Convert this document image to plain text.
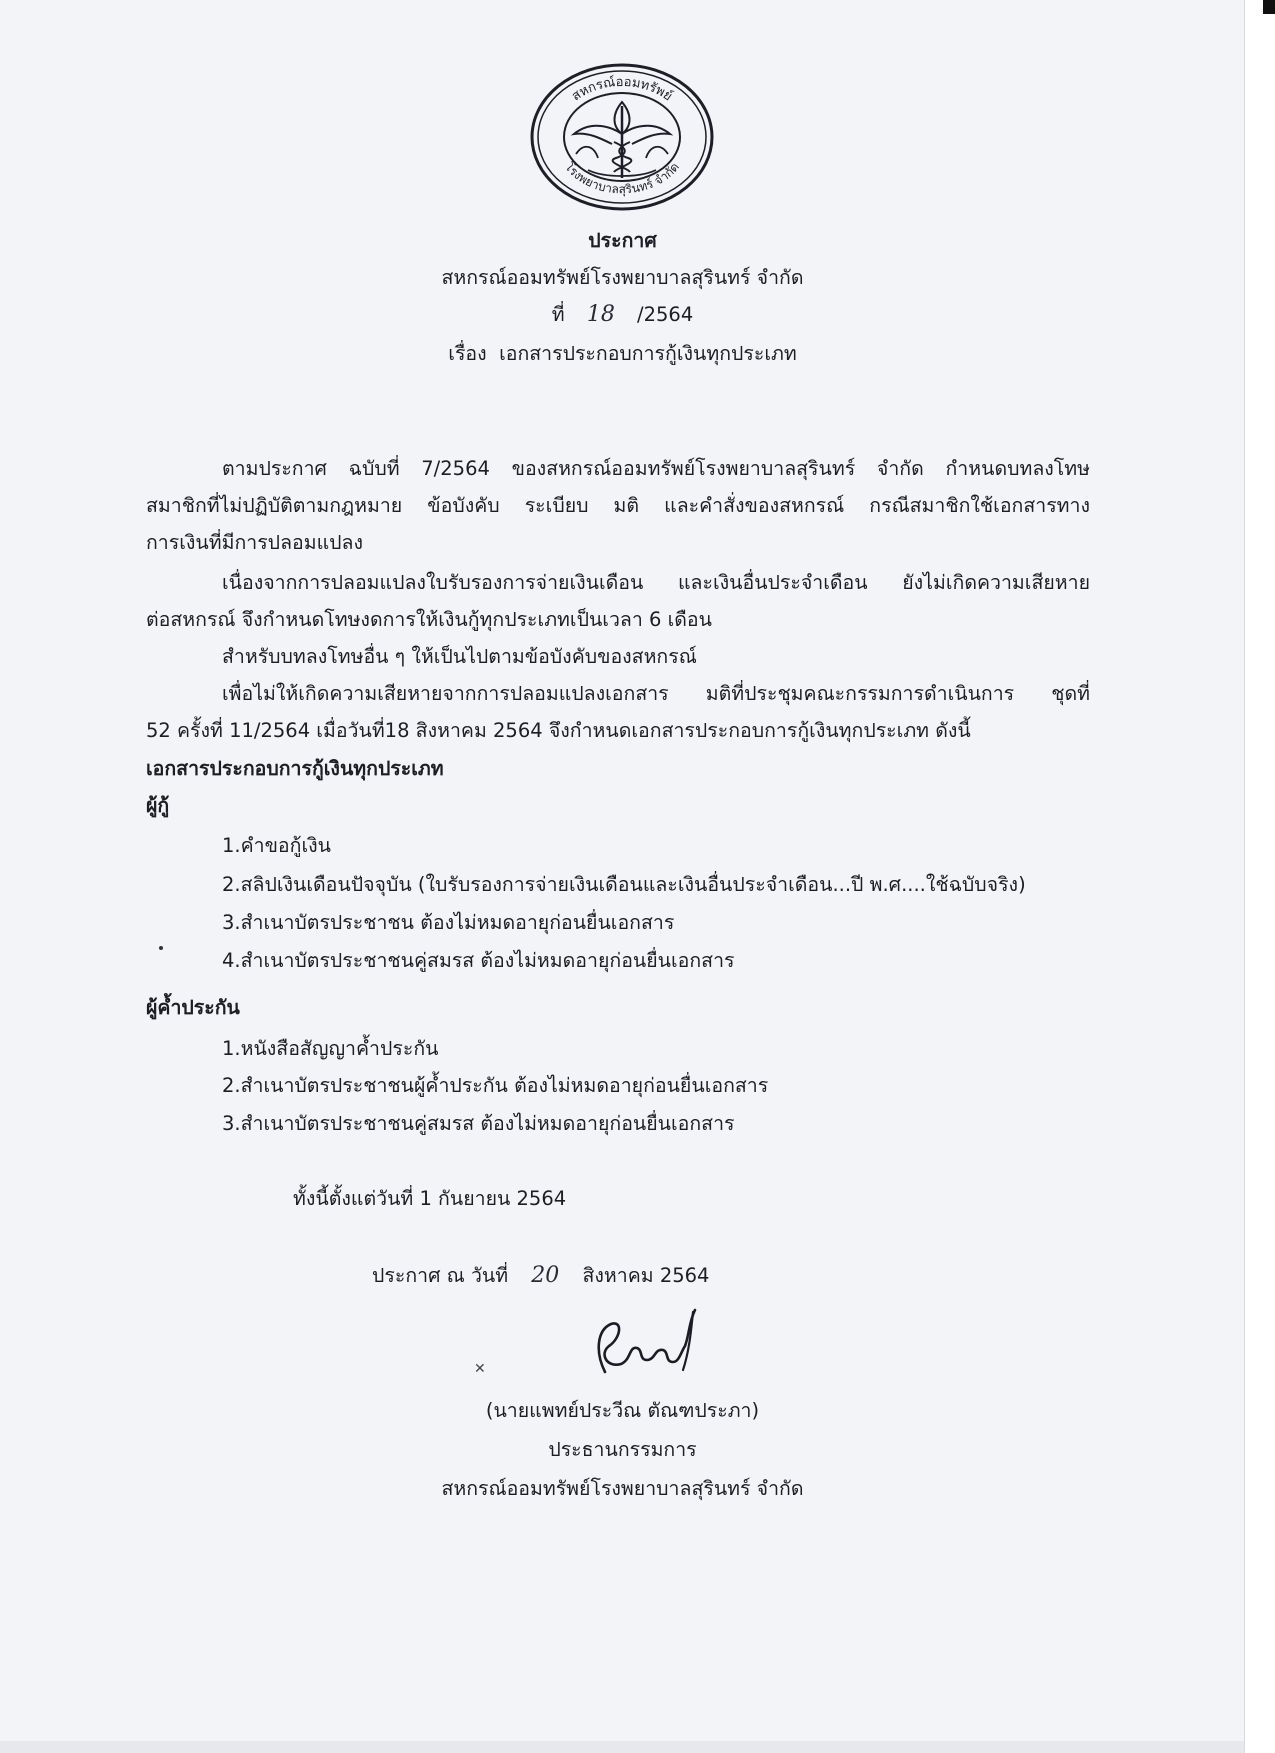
สหกรณ์ออมทรัพย์
โรงพยาบาลสุรินทร์ จำกัด
ประกาศ
สหกรณ์ออมทรัพย์โรงพยาบาลสุรินทร์ จำกัด
ที่ 18 /2564
เรื่อง เอกสารประกอบการกู้เงินทุกประเภท
ตามประกาศ ฉบับที่ 7/2564 ของสหกรณ์ออมทรัพย์โรงพยาบาลสุรินทร์ จำกัด กำหนดบทลงโทษ
สมาชิกที่ไม่ปฏิบัติตามกฎหมาย ข้อบังคับ ระเบียบ มติ และคำสั่งของสหกรณ์ กรณีสมาชิกใช้เอกสารทาง
การเงินที่มีการปลอมแปลง
เนื่องจากการปลอมแปลงใบรับรองการจ่ายเงินเดือน และเงินอื่นประจำเดือน ยังไม่เกิดความเสียหาย
ต่อสหกรณ์ จึงกำหนดโทษงดการให้เงินกู้ทุกประเภทเป็นเวลา 6 เดือน
สำหรับบทลงโทษอื่น ๆ ให้เป็นไปตามข้อบังคับของสหกรณ์
เพื่อไม่ให้เกิดความเสียหายจากการปลอมแปลงเอกสาร มติที่ประชุมคณะกรรมการดำเนินการ ชุดที่
52 ครั้งที่ 11/2564 เมื่อวันที่18 สิงหาคม 2564 จึงกำหนดเอกสารประกอบการกู้เงินทุกประเภท ดังนี้
เอกสารประกอบการกู้เงินทุกประเภท
ผู้กู้
1.คำขอกู้เงิน
2.สลิปเงินเดือนปัจจุบัน (ใบรับรองการจ่ายเงินเดือนและเงินอื่นประจำเดือน...ปี พ.ศ....ใช้ฉบับจริง)
3.สำเนาบัตรประชาชน ต้องไม่หมดอายุก่อนยื่นเอกสาร
4.สำเนาบัตรประชาชนคู่สมรส ต้องไม่หมดอายุก่อนยื่นเอกสาร
ผู้ค้ำประกัน
1.หนังสือสัญญาค้ำประกัน
2.สำเนาบัตรประชาชนผู้ค้ำประกัน ต้องไม่หมดอายุก่อนยื่นเอกสาร
3.สำเนาบัตรประชาชนคู่สมรส ต้องไม่หมดอายุก่อนยื่นเอกสาร
ทั้งนี้ตั้งแต่วันที่ 1 กันยายน 2564
ประกาศ ณ วันที่ 20 สิงหาคม 2564
✕
(นายแพทย์ประวีณ ตัณฑประภา)
ประธานกรรมการ
สหกรณ์ออมทรัพย์โรงพยาบาลสุรินทร์ จำกัด
